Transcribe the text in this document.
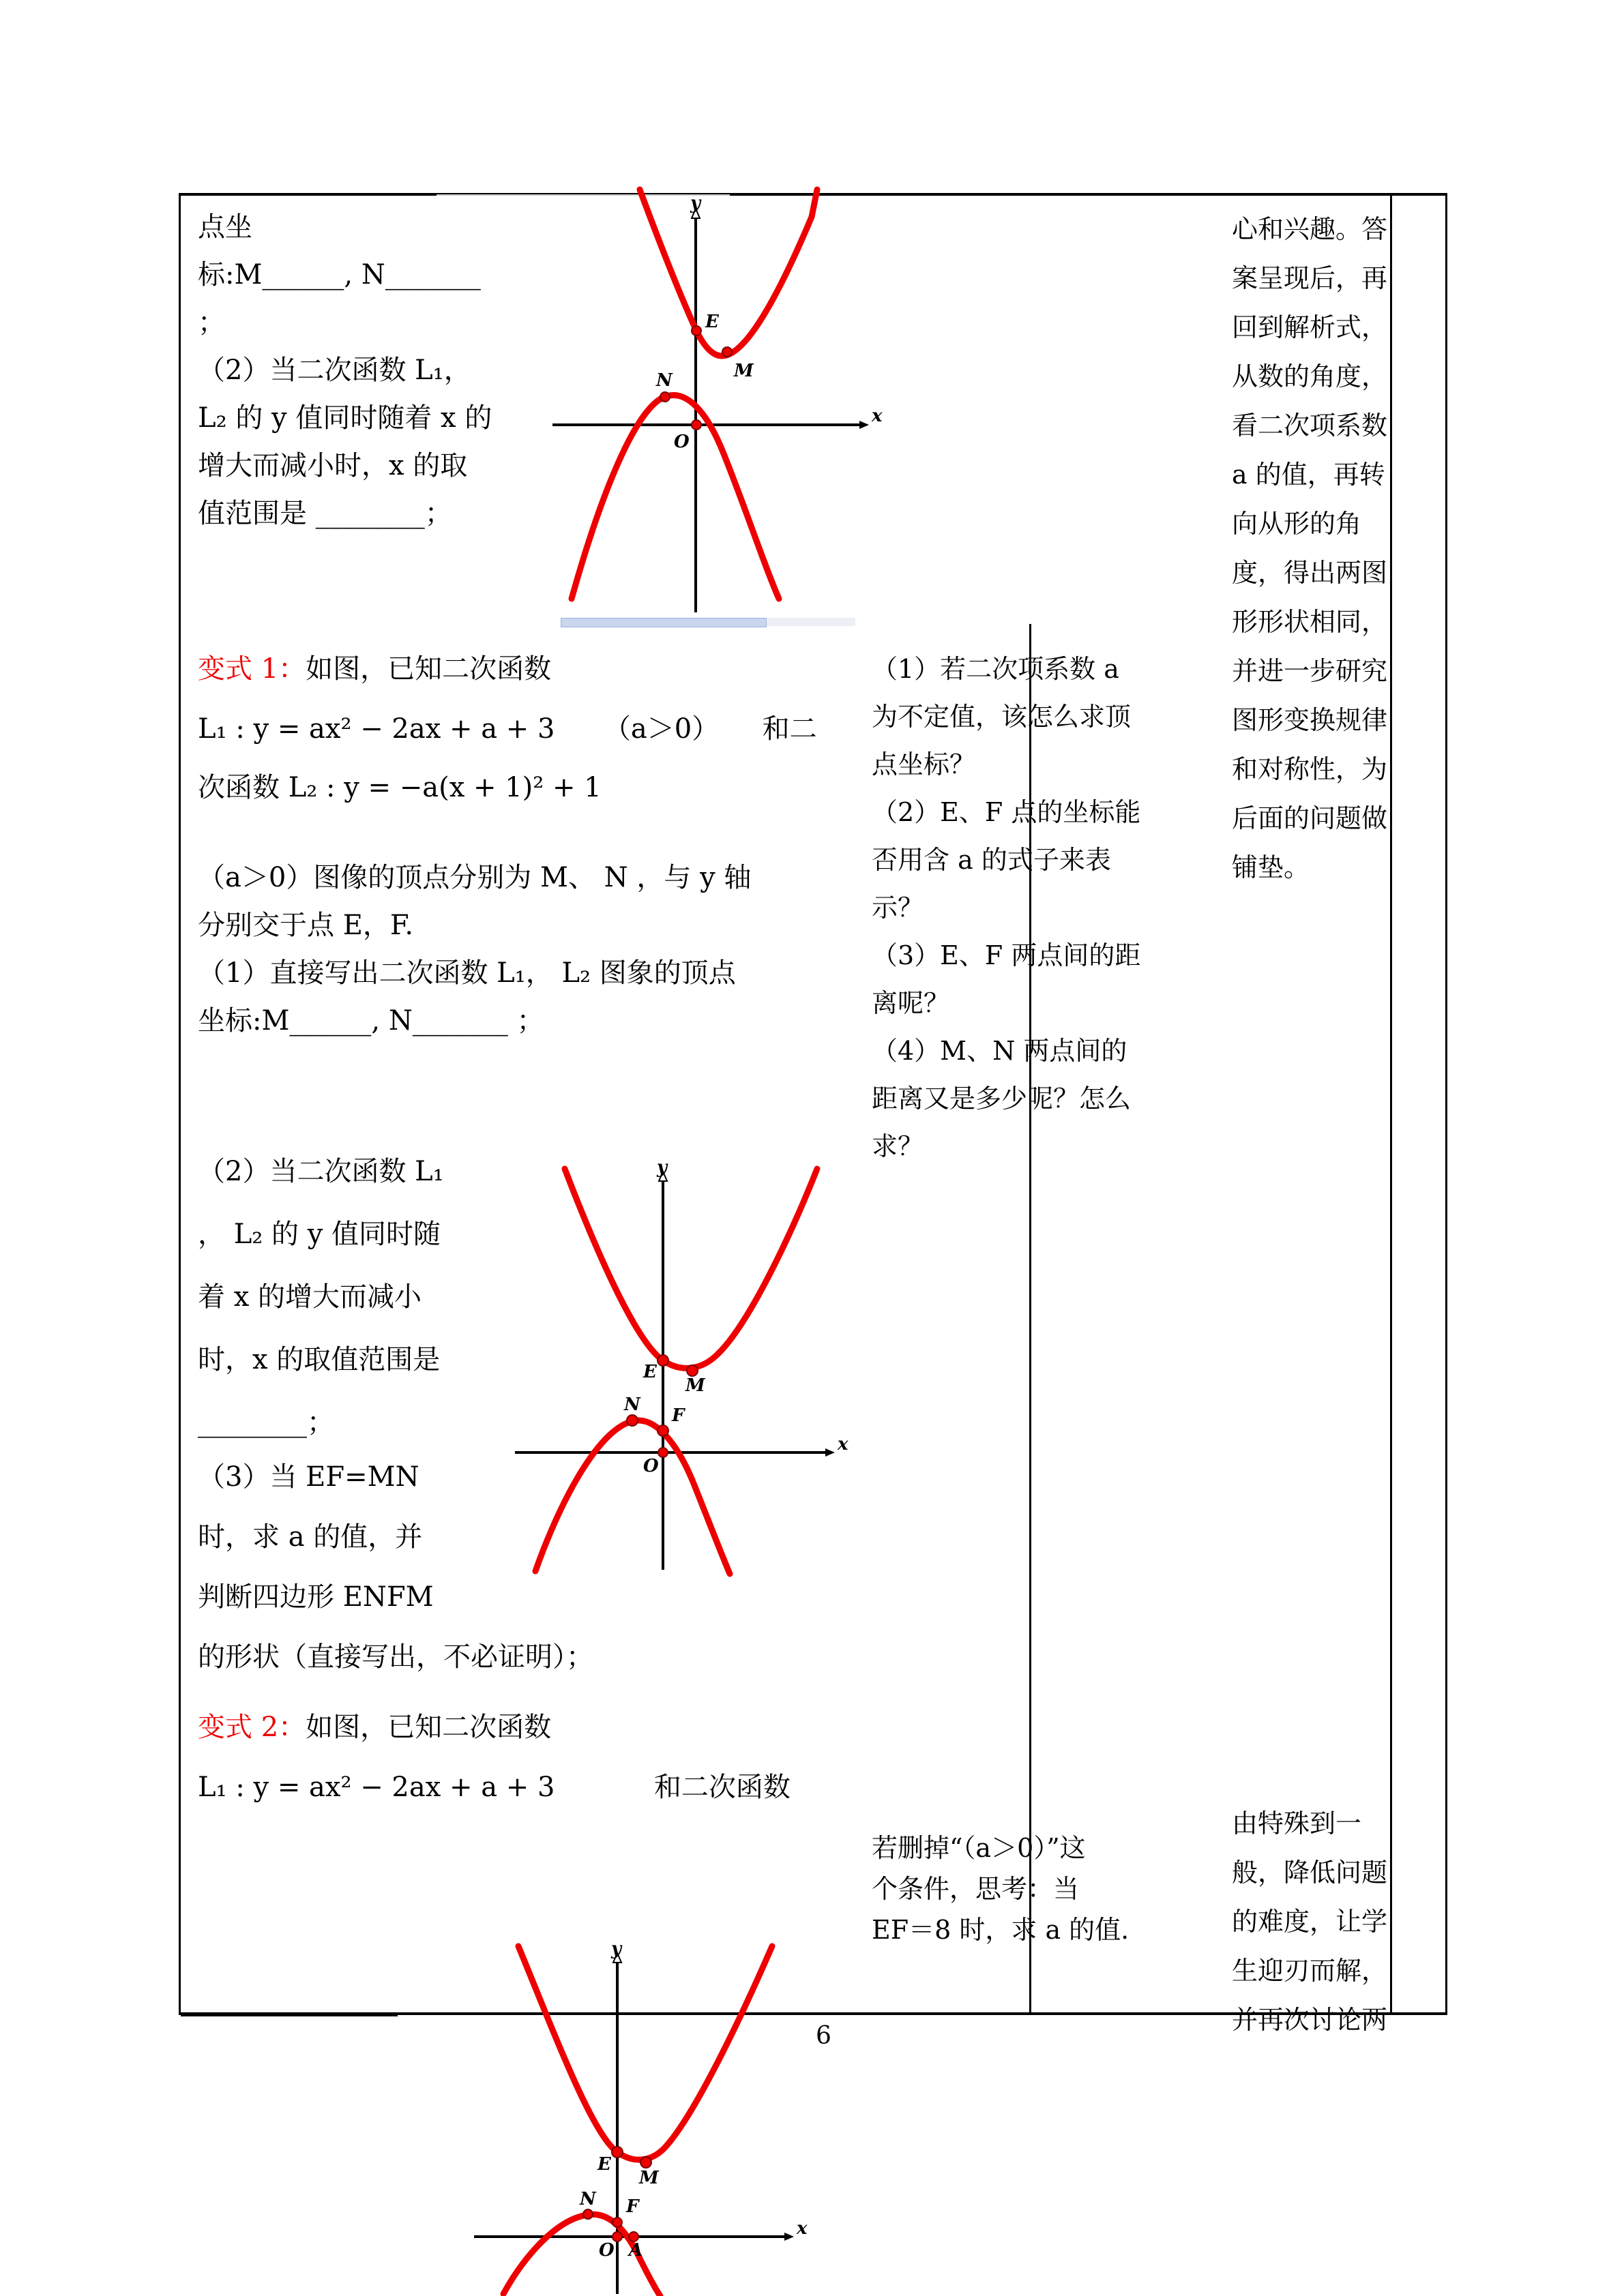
E
M
N
O
x
y
E
M
N
F
O
x
y
E
M
N F
O A
x
y
点坐
标:M______, N_______
；
（2）当二次函数 L₁，
L₂ 的 y 值同时随着 x 的
增大而减小时，x 的取
值范围是 ________；
变式 1：如图，已知二次函数
L₁ : y = ax² − 2ax + a + 3 （a＞0） 和二
次函数 L₂ : y = −a(x + 1)² + 1
（a＞0）图像的顶点分别为 M、 N ，与 y 轴
分别交于点 E，F.
（1）直接写出二次函数 L₁， L₂ 图象的顶点
坐标:M______, N_______ ；
（2）当二次函数 L₁
， L₂ 的 y 值同时随
着 x 的增大而减小
时，x 的取值范围是
________；
（3）当 EF=MN
时，求 a 的值，并
判断四边形 ENFM
的形状（直接写出，不必证明）；
变式 2：如图，已知二次函数
L₁ : y = ax² − 2ax + a + 3	和二次函数
（1）若二次项系数 a
为不定值，该怎么求顶
点坐标？
（2）E、F 点的坐标能
否用含 a 的式子来表
示？
（3）E、F 两点间的距
离呢？
（4）M、N 两点间的
距离又是多少呢？怎么
求？
若删掉“（a＞0）”这
个条件，思考：当
EF＝8 时，求 a 的值.
心和兴趣。答
案呈现后，再
回到解析式，
从数的角度，
看二次项系数
a 的值，再转
向从形的角
度，得出两图
形形状相同，
并进一步研究
图形变换规律
和对称性，为
后面的问题做
铺垫。
由特殊到一
般，降低问题
的难度，让学
生迎刃而解，
并再次讨论两
6
